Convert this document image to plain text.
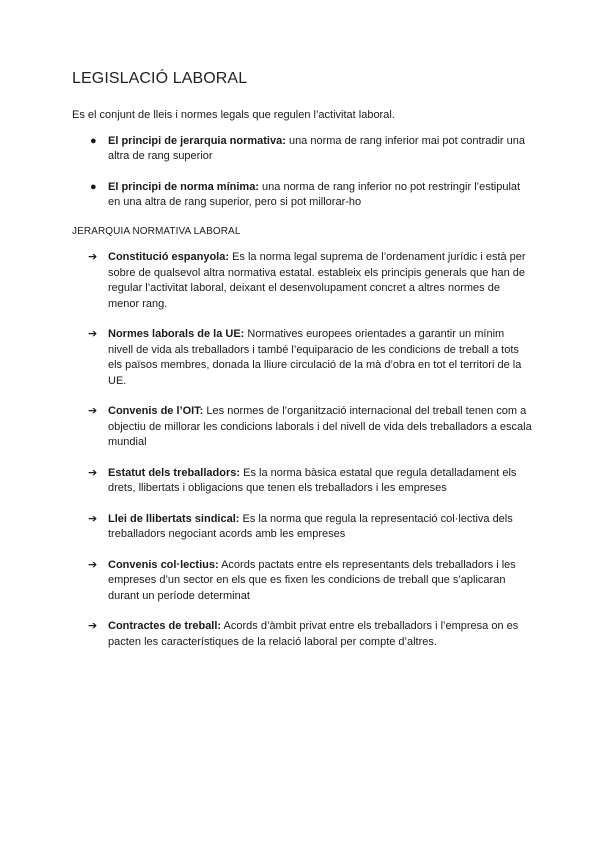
LEGISLACIÓ LABORAL

Es el conjunt de lleis i normes legals que regulen l’activitat laboral.

● El principi de jerarquia normativa: una norma de rang inferior mai pot contradir una altra de rang superior
● El principi de norma mínima: una norma de rang inferior no pot restringir l’estipulat en una altra de rang superior, pero si pot millorar-ho

JERARQUIA NORMATIVA LABORAL

➔ Constitució espanyola: Es la norma legal suprema de l’ordenament jurídic i està per sobre de qualsevol altra normativa estatal. estableix els principis generals que han de regular l’activitat laboral, deixant el desenvolupament concret a altres normes de menor rang.
➔ Normes laborals de la UE: Normatives europees orientades a garantir un mínim nivell de vida als treballadors i també l’equiparacio de les condicions de treball a tots els països membres, donada la lliure circulació de la mà d’obra en tot el territori de la UE.
➔ Convenis de l’OIT: Les normes de l’organització internacional del treball tenen com a objectiu de millorar les condicions laborals i del nivell de vida dels treballadors a escala mundial
➔ Estatut dels treballadors: Es la norma bàsica estatal que regula detalladament els drets, llibertats i obligacions que tenen els treballadors i les empreses
➔ Llei de llibertats sindical: Es la norma que regula la representació col·lectiva dels treballadors negociant acords amb les empreses
➔ Convenis col·lectius: Acords pactats entre els representants dels treballadors i les empreses d’un sector en els que es fixen les condicions de treball que s’aplicaran durant un període determinat
➔ Contractes de treball: Acords d’àmbit privat entre els treballadors i l’empresa on es pacten les característiques de la relació laboral per compte d’altres.
